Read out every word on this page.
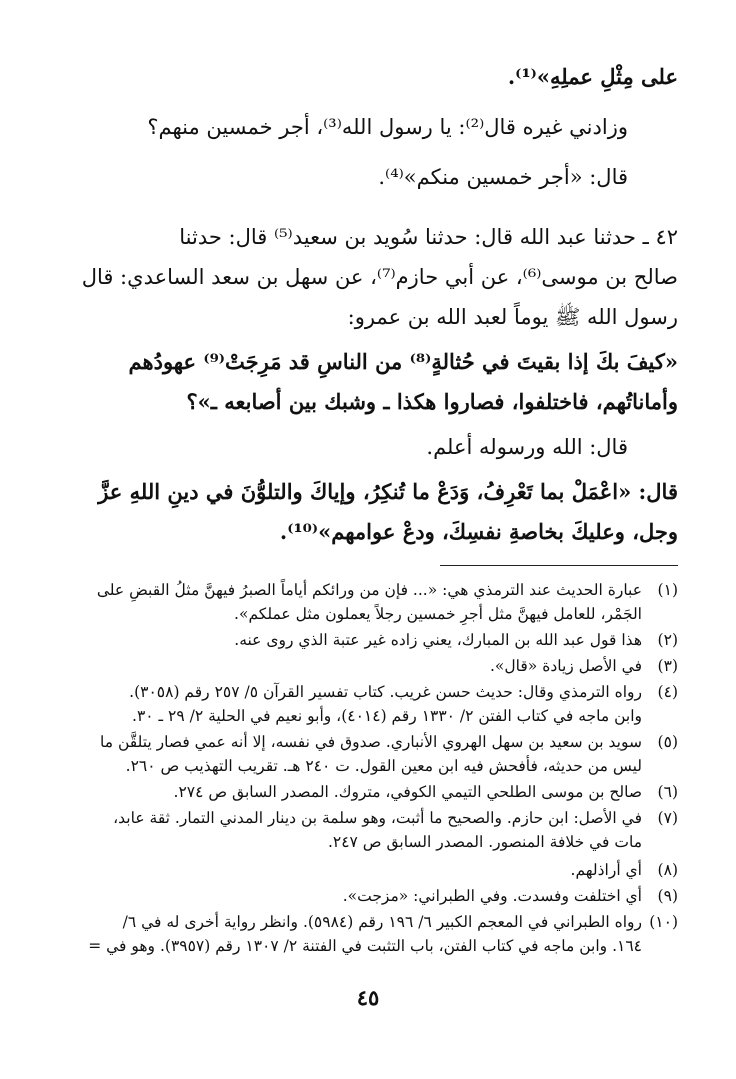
على مِثْلِ عملِهِ»⁽¹⁾.
وزادني غيره قال⁽²⁾: يا رسول الله⁽³⁾، أجر خمسين منهم؟
قال: «أجر خمسين منكم»⁽⁴⁾.
٤٢ ـ حدثنا عبد الله قال: حدثنا سُويد بن سعيد⁽⁵⁾ قال: حدثنا
صالح بن موسى⁽⁶⁾، عن أبي حازم⁽⁷⁾، عن سهل بن سعد الساعدي: قال
رسول الله ﷺ يوماً لعبد الله بن عمرو:
«كيفَ بكَ إذا بقيتَ في حُثالةٍ⁽⁸⁾ من الناسِ قد مَرِجَتْ⁽⁹⁾ عهودُهم
وأماناتُهم، فاختلفوا، فصاروا هكذا ـ وشبك بين أصابعه ـ»؟
قال: الله ورسوله أعلم.
قال: «اعْمَلْ بما تَعْرِفُ، وَدَعْ ما تُنكِرُ، وإياكَ والتلوُّنَ في دينِ اللهِ عزَّ
وجل، وعليكَ بخاصةِ نفسِكَ، ودعْ عوامهم»⁽¹⁰⁾.
(١)عبارة الحديث عند الترمذي هي: «... فإن من ورائكم أياماً الصبرُ فيهنَّ مثلُ القبضِ على
الجَمْر، للعامل فيهنَّ مثل أجرِ خمسين رجلاً يعملون مثل عملكم».
(٢)هذا قول عبد الله بن المبارك، يعني زاده غير عتبة الذي روى عنه.
(٣)في الأصل زيادة «قال».
(٤)رواه الترمذي وقال: حديث حسن غريب. كتاب تفسير القرآن ٥/ ٢٥٧ رقم (٣٠٥٨).
وابن ماجه في كتاب الفتن ٢/ ١٣٣٠ رقم (٤٠١٤)، وأبو نعيم في الحلية ٢/ ٢٩ ـ ٣٠.
(٥)سويد بن سعيد بن سهل الهروي الأنباري. صدوق في نفسه، إلا أنه عمي فصار يتلقَّن ما
ليس من حديثه، فأفحش فيه ابن معين القول. ت ٢٤٠ هـ. تقريب التهذيب ص ٢٦٠.
(٦)صالح بن موسى الطلحي التيمي الكوفي، متروك. المصدر السابق ص ٢٧٤.
(٧)في الأصل: ابن حازم. والصحيح ما أثبت، وهو سلمة بن دينار المدني التمار. ثقة عابد،
مات في خلافة المنصور. المصدر السابق ص ٢٤٧.
(٨)أي أراذلهم.
(٩)أي اختلفت وفسدت. وفي الطبراني: «مزجت».
(١٠)رواه الطبراني في المعجم الكبير ٦/ ١٩٦ رقم (٥٩٨٤). وانظر رواية أخرى له في ٦/
١٦٤. وابن ماجه في كتاب الفتن، باب التثبت في الفتنة ٢/ ١٣٠٧ رقم (٣٩٥٧). وهو في =
٤٥
